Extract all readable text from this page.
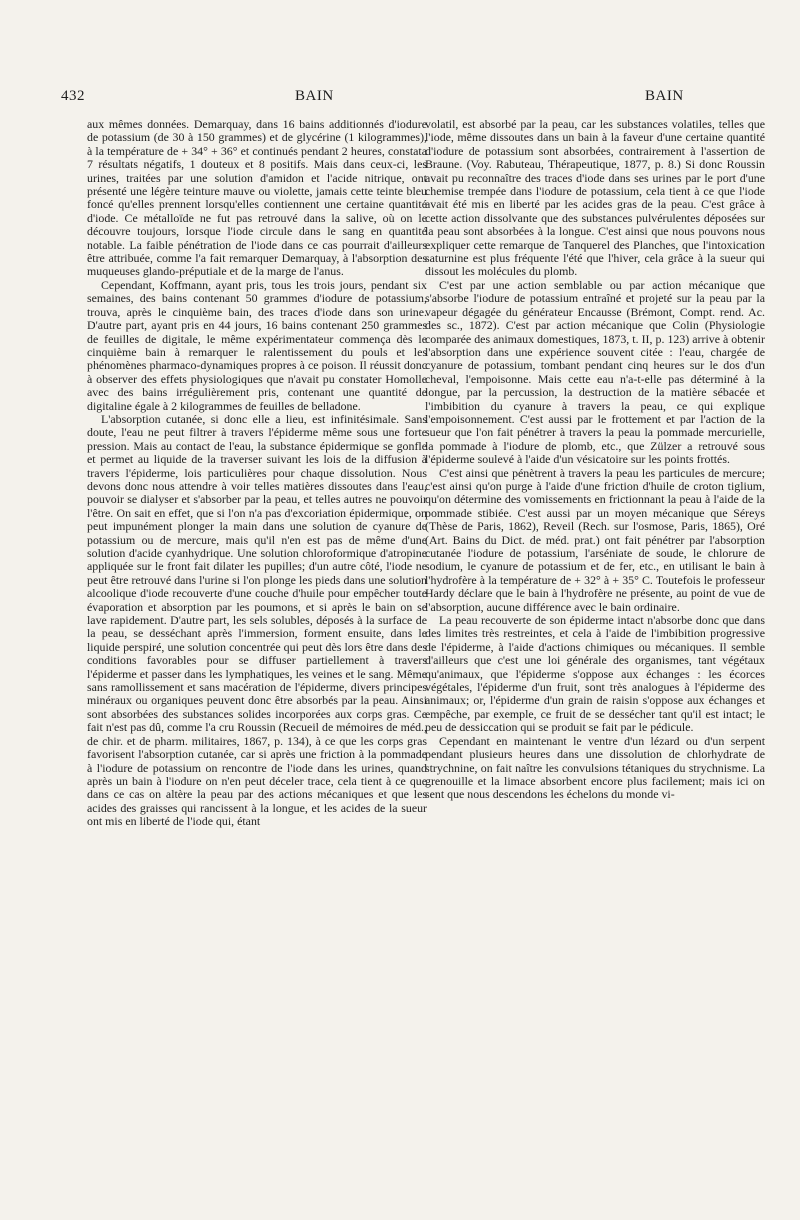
432	BAIN	BAIN

aux mêmes données. Demarquay, dans 16 bains additionnés d'iodure de potassium (de 30 à 150 grammes) et de glycérine (1 kilogrammes), à la température de + 34° + 36° et continués pendant 2 heures, constata 7 résultats négatifs, 1 douteux et 8 positifs. Mais dans ceux-ci, les urines, traitées par une solution d'amidon et l'acide nitrique, ont présenté une légère teinture mauve ou violette, jamais cette teinte bleu foncé qu'elles prennent lorsqu'elles contiennent une certaine quantité d'iode. Ce métalloïde ne fut pas retrouvé dans la salive, où on le découvre toujours, lorsque l'iode circule dans le sang en quantité notable. La faible pénétration de l'iode dans ce cas pourrait d'ailleurs être attribuée, comme l'a fait remarquer Demarquay, à l'absorption des muqueuses glando-préputiale et de la marge de l'anus.

Cependant, Koffmann, ayant pris, tous les trois jours, pendant six semaines, des bains contenant 50 grammes d'iodure de potassium, trouva, après le cinquième bain, des traces d'iode dans son urine. D'autre part, ayant pris en 44 jours, 16 bains contenant 250 grammes de feuilles de digitale, le même expérimentateur commença dès le cinquième bain à remarquer le ralentissement du pouls et les phénomènes pharmaco-dynamiques propres à ce poison. Il réussit donc à observer des effets physiologiques que n'avait pu constater Homolle avec des bains irrégulièrement pris, contenant une quantité de digitaline égale à 2 kilogrammes de feuilles de belladone.

L'absorption cutanée, si donc elle a lieu, est infinitésimale. Sans doute, l'eau ne peut filtrer à travers l'épiderme même sous une forte pression. Mais au contact de l'eau, la substance épidermique se gonfle et permet au liquide de la traverser suivant les lois de la diffusion à travers l'épiderme, lois particulières pour chaque dissolution. Nous devons donc nous attendre à voir telles matières dissoutes dans l'eau, pouvoir se dialyser et s'absorber par la peau, et telles autres ne pouvoir l'être. On sait en effet, que si l'on n'a pas d'excoriation épidermique, on peut impunément plonger la main dans une solution de cyanure de potassium ou de mercure, mais qu'il n'en est pas de même d'une solution d'acide cyanhydrique. Une solution chloroformique d'atropine appliquée sur le front fait dilater les pupilles; d'un autre côté, l'iode ne peut être retrouvé dans l'urine si l'on plonge les pieds dans une solution alcoolique d'iode recouverte d'une couche d'huile pour empêcher toute évaporation et absorption par les poumons, et si après le bain on se lave rapidement. D'autre part, les sels solubles, déposés à la surface de la peau, se desséchant après l'immersion, forment ensuite, dans le liquide perspiré, une solution concentrée qui peut dès lors être dans des conditions favorables pour se diffuser partiellement à travers l'épiderme et passer dans les lymphatiques, les veines et le sang. Même sans ramollissement et sans macération de l'épiderme, divers principes minéraux ou organiques peuvent donc être absorbés par la peau. Ainsi sont absorbées des substances solides incorporées aux corps gras. Ce fait n'est pas dû, comme l'a cru Roussin (Recueil de mémoires de méd., de chir. et de pharm. militaires, 1867, p. 134), à ce que les corps gras favorisent l'absorption cutanée, car si après une friction à la pommade à l'iodure de potassium on rencontre de l'iode dans les urines, quand après un bain à l'iodure on n'en peut déceler trace, cela tient à ce que dans ce cas on altère la peau par des actions mécaniques et que les acides des graisses qui rancissent à la longue, et les acides de la sueur ont mis en liberté de l'iode qui, étant

volatil, est absorbé par la peau, car les substances volatiles, telles que l'iode, même dissoutes dans un bain à la faveur d'une certaine quantité d'iodure de potassium sont absorbées, contrairement à l'assertion de Braune. (Voy. Rabuteau, Thérapeutique, 1877, p. 8.) Si donc Roussin avait pu reconnaître des traces d'iode dans ses urines par le port d'une chemise trempée dans l'iodure de potassium, cela tient à ce que l'iode avait été mis en liberté par les acides gras de la peau. C'est grâce à cette action dissolvante que des substances pulvérulentes déposées sur la peau sont absorbées à la longue. C'est ainsi que nous pouvons nous expliquer cette remarque de Tanquerel des Planches, que l'intoxication saturnine est plus fréquente l'été que l'hiver, cela grâce à la sueur qui dissout les molécules du plomb.

C'est par une action semblable ou par action mécanique que s'absorbe l'iodure de potassium entraîné et projeté sur la peau par la vapeur dégagée du générateur Encausse (Brémont, Compt. rend. Ac. des sc., 1872). C'est par action mécanique que Colin (Physiologie comparée des animaux domestiques, 1873, t. II, p. 123) arrive à obtenir l'absorption dans une expérience souvent citée : l'eau, chargée de cyanure de potassium, tombant pendant cinq heures sur le dos d'un cheval, l'empoisonne. Mais cette eau n'a-t-elle pas déterminé à la longue, par la percussion, la destruction de la matière sébacée et l'imbibition du cyanure à travers la peau, ce qui explique l'empoisonnement. C'est aussi par le frottement et par l'action de la sueur que l'on fait pénétrer à travers la peau la pommade mercurielle, la pommade à l'iodure de plomb, etc., que Zülzer a retrouvé sous l'épiderme soulevé à l'aide d'un vésicatoire sur les points frottés.

C'est ainsi que pénètrent à travers la peau les particules de mercure; c'est ainsi qu'on purge à l'aide d'une friction d'huile de croton tiglium, qu'on détermine des vomissements en frictionnant la peau à l'aide de la pommade stibiée. C'est aussi par un moyen mécanique que Séreys (Thèse de Paris, 1862), Reveil (Rech. sur l'osmose, Paris, 1865), Oré (Art. Bains du Dict. de méd. prat.) ont fait pénétrer par l'absorption cutanée l'iodure de potassium, l'arséniate de soude, le chlorure de sodium, le cyanure de potassium et de fer, etc., en utilisant le bain à l'hydrofère à la température de + 32° à + 35° C. Toutefois le professeur Hardy déclare que le bain à l'hydrofère ne présente, au point de vue de l'absorption, aucune différence avec le bain ordinaire.

La peau recouverte de son épiderme intact n'absorbe donc que dans des limites très restreintes, et cela à l'aide de l'imbibition progressive de l'épiderme, à l'aide d'actions chimiques ou mécaniques. Il semble d'ailleurs que c'est une loi générale des organismes, tant végétaux qu'animaux, que l'épiderme s'oppose aux échanges : les écorces végétales, l'épiderme d'un fruit, sont très analogues à l'épiderme des animaux; or, l'épiderme d'un grain de raisin s'oppose aux échanges et empêche, par exemple, ce fruit de se dessécher tant qu'il est intact; le peu de dessiccation qui se produit se fait par le pédicule.

Cependant en maintenant le ventre d'un lézard ou d'un serpent pendant plusieurs heures dans une dissolution de chlorhydrate de strychnine, on fait naître les convulsions tétaniques du strychnisme. La grenouille et la limace absorbent encore plus facilement; mais ici on sent que nous descendons les échelons du monde vi-
